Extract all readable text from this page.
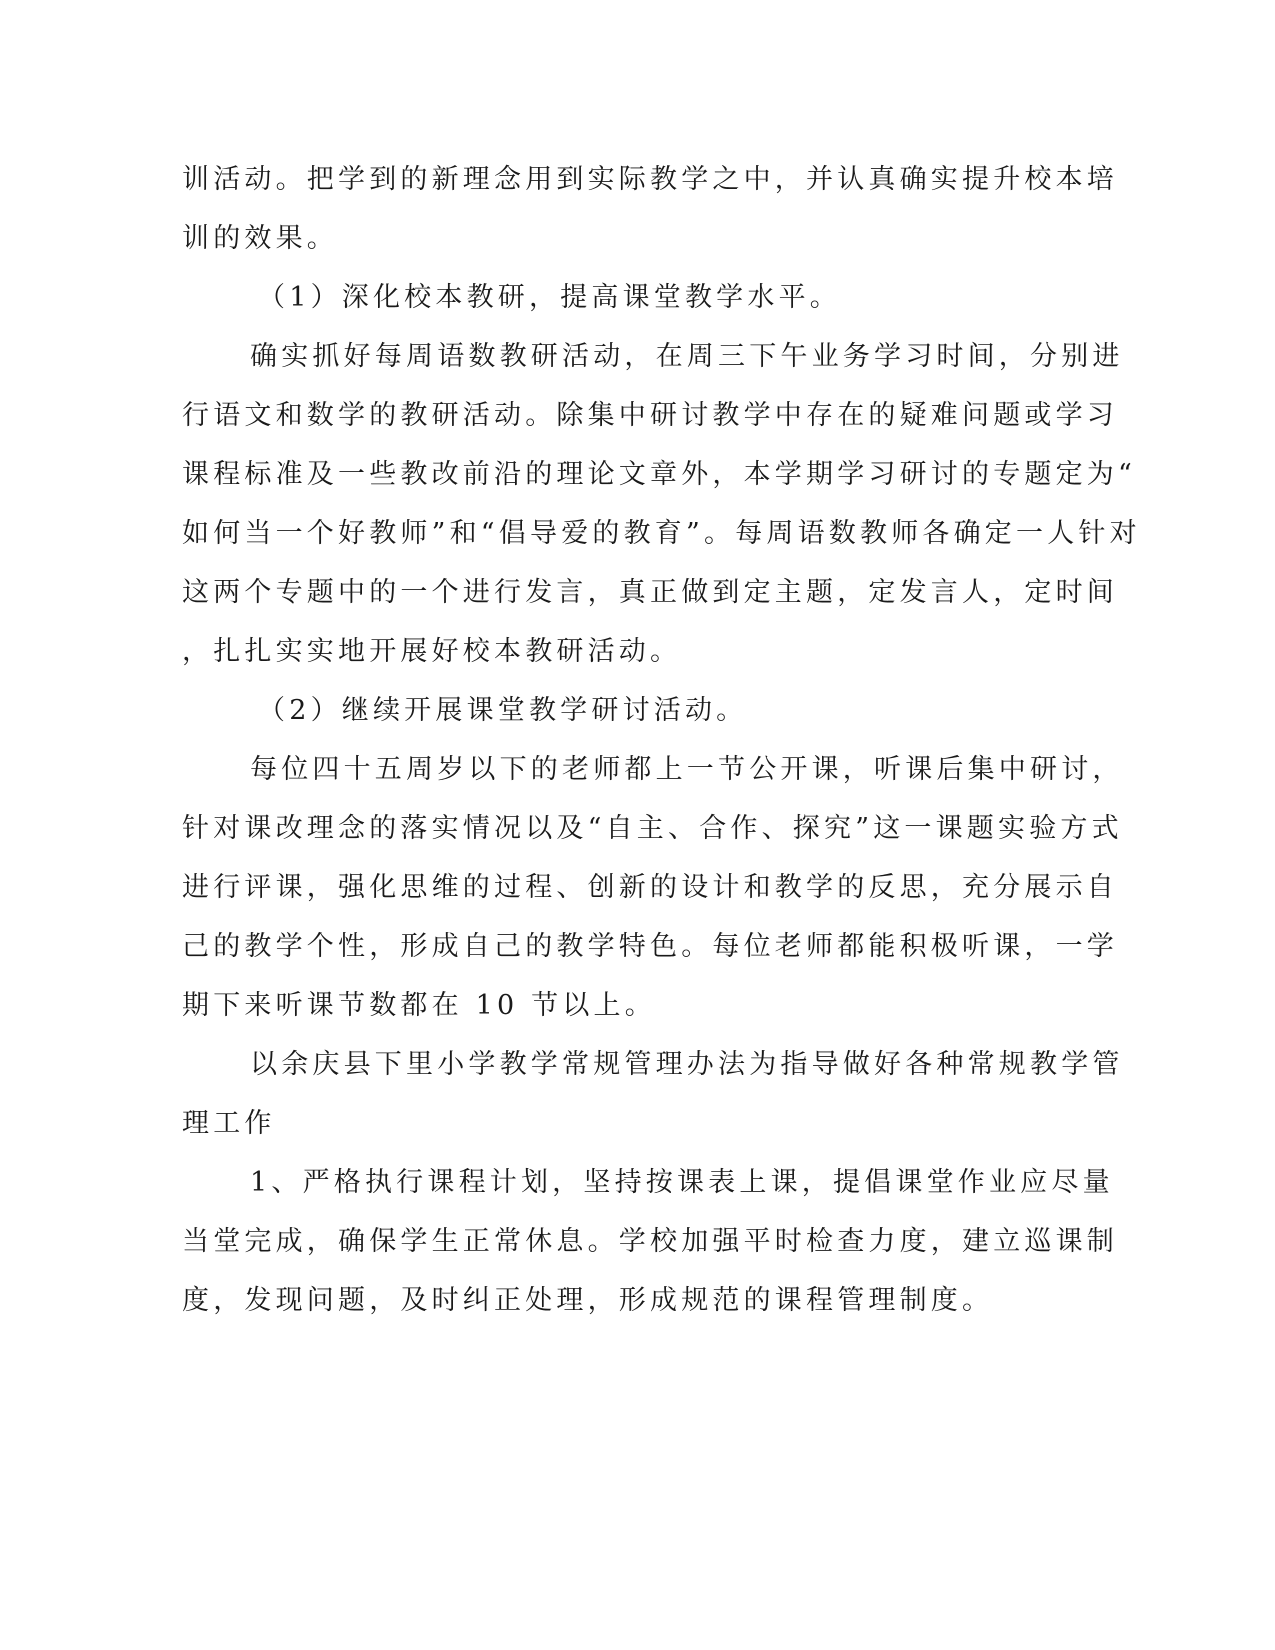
训活动。把学到的新理念用到实际教学之中，并认真确实提升校本培
训的效果。
（1）深化校本教研，提高课堂教学水平。
确实抓好每周语数教研活动，在周三下午业务学习时间，分别进
行语文和数学的教研活动。除集中研讨教学中存在的疑难问题或学习
课程标准及一些教改前沿的理论文章外，本学期学习研讨的专题定为“
如何当一个好教师”和“倡导爱的教育”。每周语数教师各确定一人针对
这两个专题中的一个进行发言，真正做到定主题，定发言人，定时间
，扎扎实实地开展好校本教研活动。
（2）继续开展课堂教学研讨活动。
每位四十五周岁以下的老师都上一节公开课，听课后集中研讨，
针对课改理念的落实情况以及“自主、合作、探究”这一课题实验方式
进行评课，强化思维的过程、创新的设计和教学的反思，充分展示自
己的教学个性，形成自己的教学特色。每位老师都能积极听课，一学
期下来听课节数都在 10 节以上。
以余庆县下里小学教学常规管理办法为指导做好各种常规教学管
理工作
1、严格执行课程计划，坚持按课表上课，提倡课堂作业应尽量
当堂完成，确保学生正常休息。学校加强平时检查力度，建立巡课制
度，发现问题，及时纠正处理，形成规范的课程管理制度。
